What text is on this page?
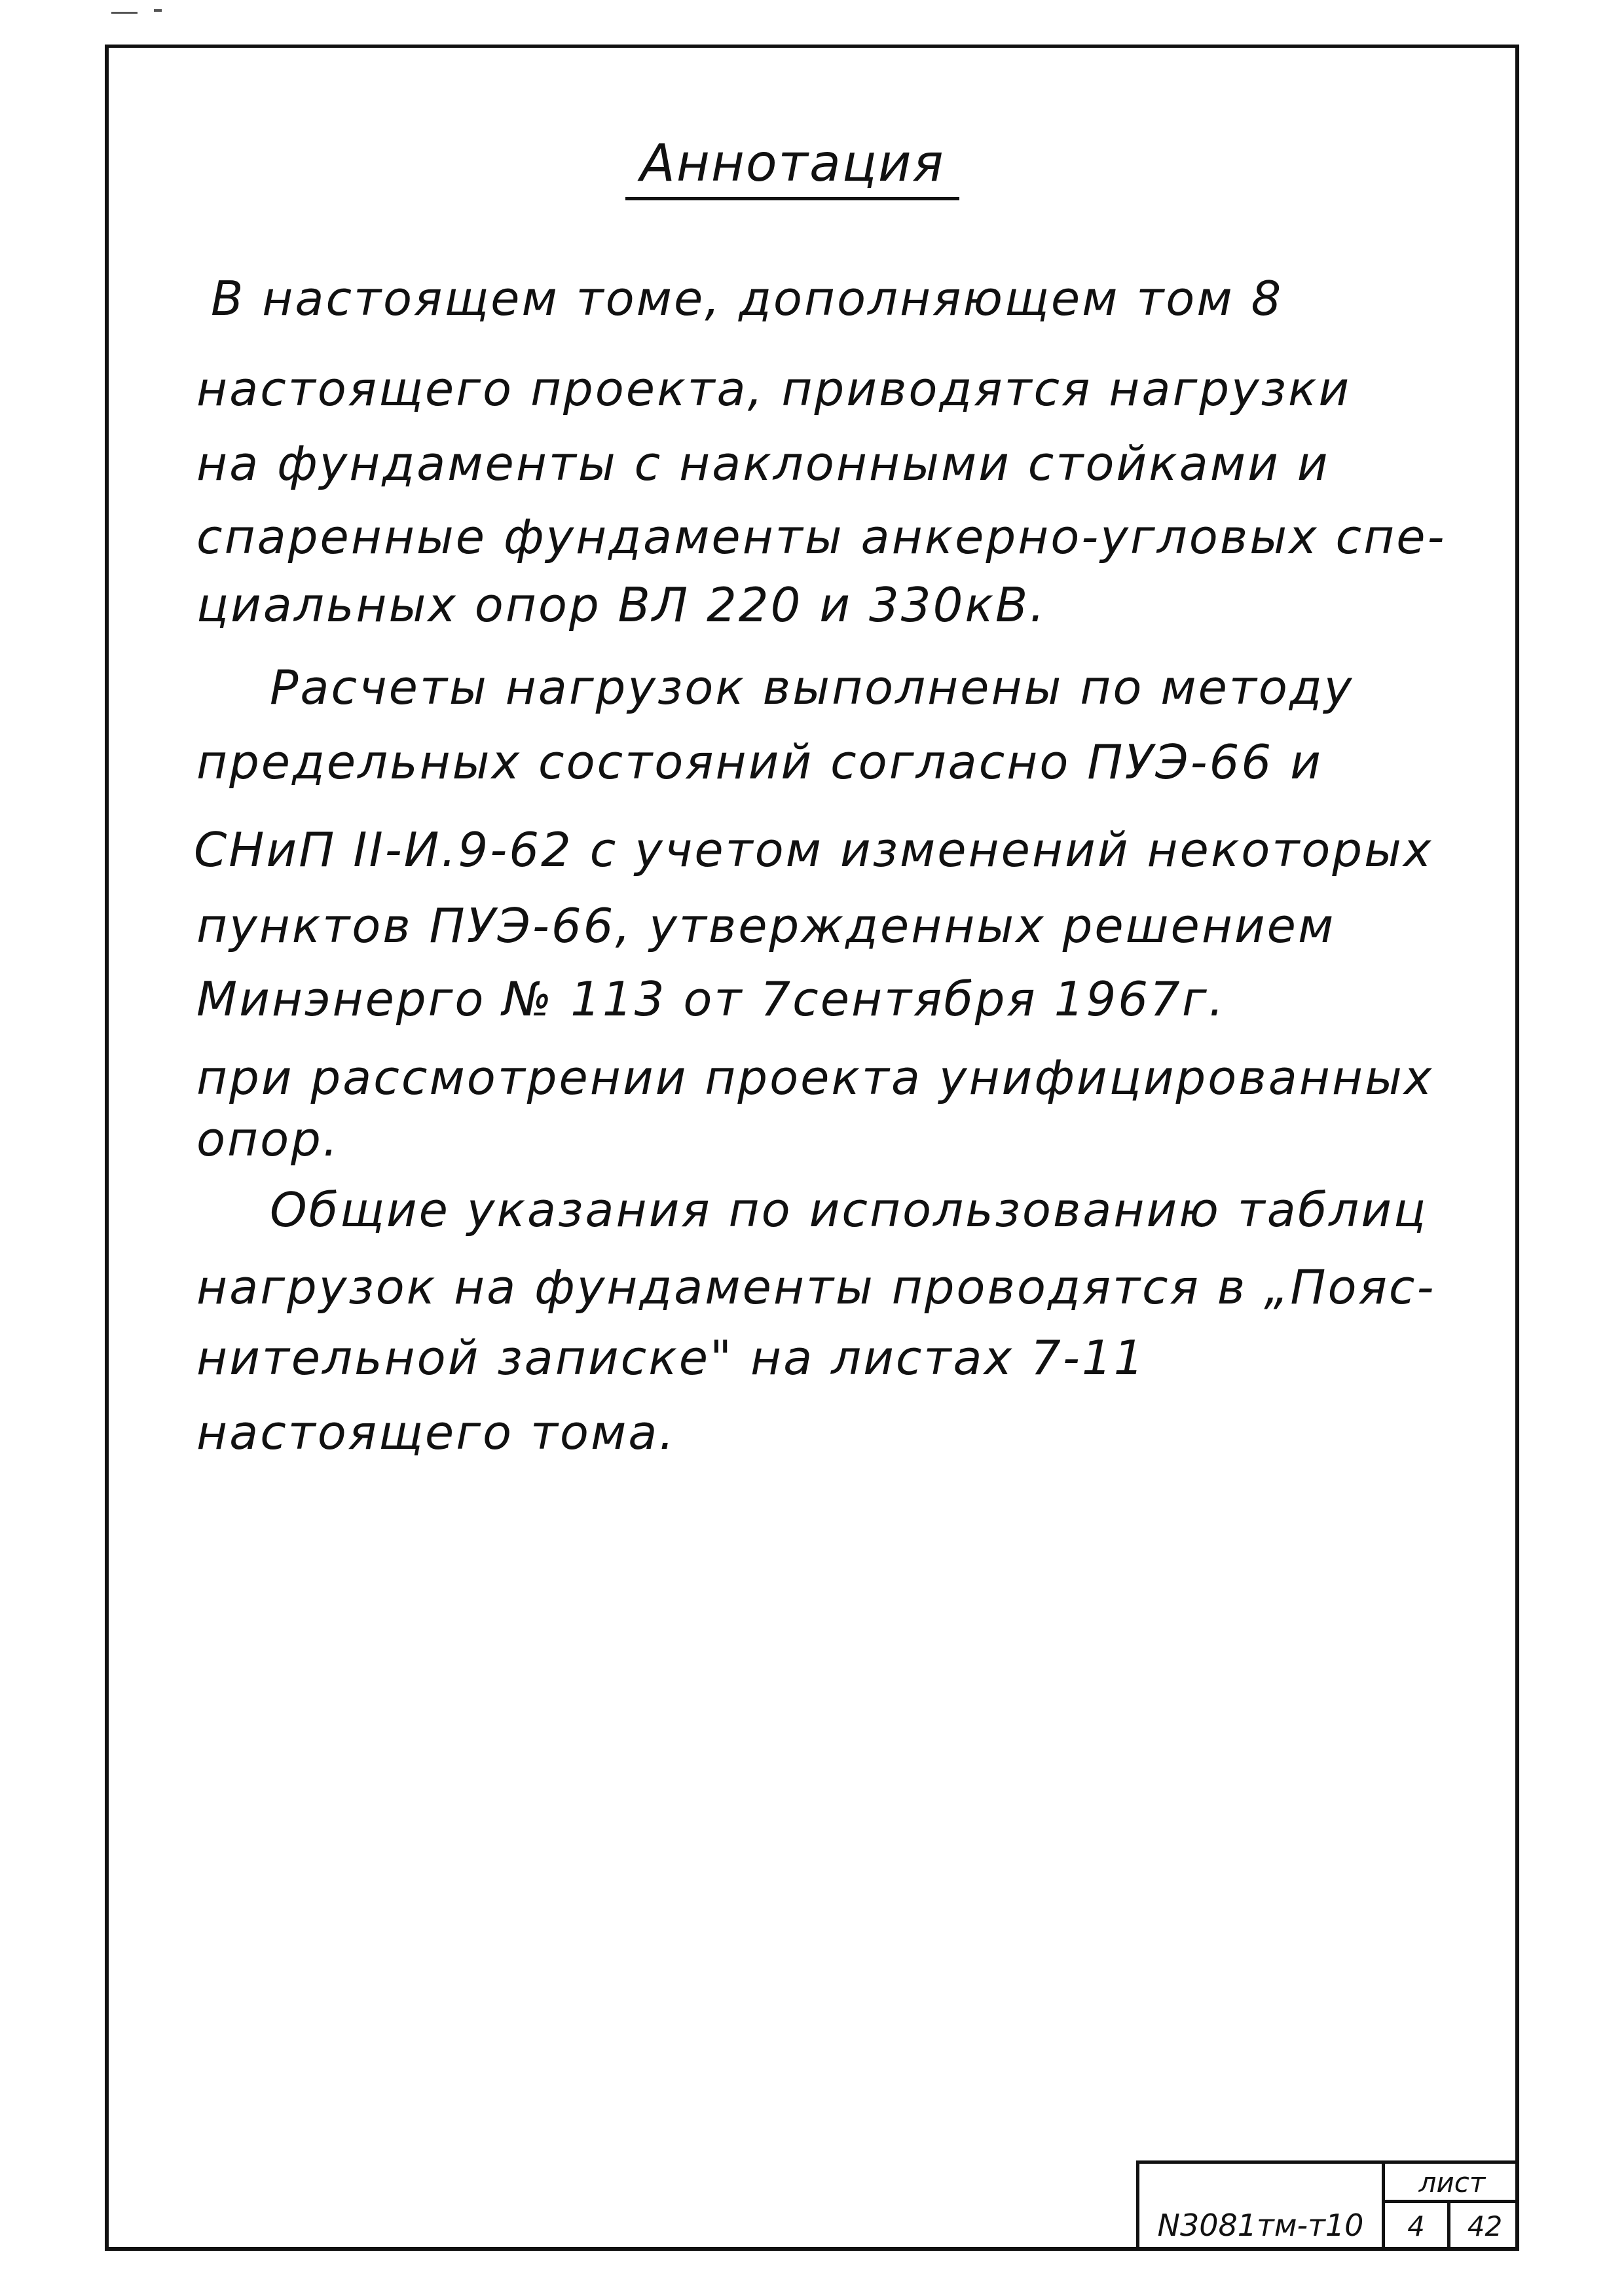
Аннотация
В настоящем томе, дополняющем том 8
настоящего проекта, приводятся нагрузки
на фундаменты с наклонными стойками и
спаренные фундаменты анкерно-угловых спе-
циальных опор ВЛ 220 и 330кВ.
Расчеты нагрузок выполнены по методу
предельных состояний согласно ПУЭ-66 и
СНиП II-И.9-62 с учетом изменений некоторых
пунктов ПУЭ-66, утвержденных решением
Минэнерго № 113 от 7сентября 1967г.
при рассмотрении проекта унифицированных
опор.
Общие указания по использованию таблиц
нагрузок на фундаменты проводятся в „Пояс-
нительной записке" на листах 7-11
настоящего тома.
N3081тм-т10
лист
4	42
